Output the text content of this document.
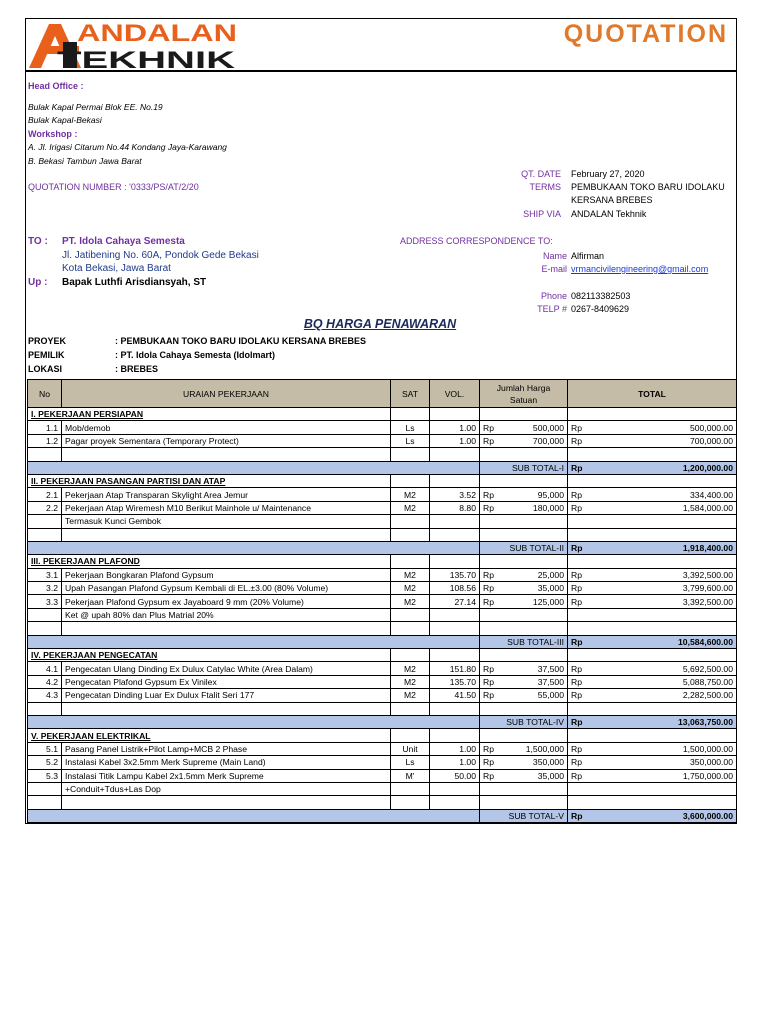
ANDALAN
TEKHNIK
QUOTATION
Head Office :
Bulak Kapal Permai Blok EE. No.19
Bulak Kapal-Bekasi
Workshop :
A. Jl. Irigasi Citarum No.44 Kondang Jaya-Karawang
B. Bekasi Tambun Jawa Barat
QUOTATION NUMBER : '0333/PS/AT/2/20
QT. DATE February 27, 2020
TERMS PEMBUKAAN TOKO BARU IDOLAKU
KERSANA BREBES
SHIP VIA ANDALAN Tekhnik
TO : PT. Idola Cahaya Semesta
Jl. Jatibening No. 60A, Pondok Gede Bekasi
Kota Bekasi, Jawa Barat
Up : Bapak Luthfi Arisdiansyah, ST
ADDRESS CORRESPONDENCE TO:
Name Alfirman
E-mail vrmancivilengineering@gmail.com
Phone 082113382503
TELP # 0267-8409629
BQ HARGA PENAWARAN
PROYEK	: PEMBUKAAN TOKO BARU IDOLAKU KERSANA BREBES
PEMILIK	: PT. Idola Cahaya Semesta (Idolmart)
LOKASI	: BREBES
No	URAIAN PEKERJAAN	SAT	VOL.	Jumlah Harga Satuan	TOTAL
I. PEKERJAAN PERSIAPAN					
1.1	Mob/demob	Ls	1.00	Rp 500,000	Rp 500,000.00

1.2	Pagar proyek Sementara (Temporary Protect)	Ls	1.00	Rp 700,000	Rp 700,000.00

				SUB TOTAL-I	Rp 1,200,000.00

II. PEKERJAAN PASANGAN PARTISI DAN ATAP					
2.1	Pekerjaan Atap Transparan Skylight Area Jemur	M2	3.52	Rp 95,000	Rp 334,400.00

2.2	Pekerjaan Atap Wiremesh M10 Berikut Mainhole u/ Maintenance	M2	8.80	Rp 180,000	Rp 1,584,000.00

	Termasuk Kunci Gembok			

				SUB TOTAL-II	Rp 1,918,400.00

III. PEKERJAAN PLAFOND					
3.1	Pekerjaan Bongkaran Plafond Gypsum	M2	135.70	Rp 25,000	Rp 3,392,500.00

3.2	Upah Pasangan Plafond Gypsum Kembali di EL.±3.00 (80% Volume)	M2	108.56	Rp 35,000	Rp 3,799,600.00

3.3	Pekerjaan Plafond Gypsum ex Jayaboard 9 mm (20% Volume)	M2	27.14	Rp 125,000	Rp 3,392,500.00

	Ket @ upah 80% dan Plus Matrial 20%			

				SUB TOTAL-III	Rp 10,584,600.00

IV. PEKERJAAN PENGECATAN					
4.1	Pengecatan Ulang Dinding Ex Dulux Catylac White (Area Dalam)	M2	151.80	Rp 37,500	Rp 5,692,500.00

4.2	Pengecatan Plafond Gypsum Ex Vinilex	M2	135.70	Rp 37,500	Rp 5,088,750.00

4.3	Pengecatan Dinding Luar Ex Dulux Ftalit Seri 177	M2	41.50	Rp 55,000	Rp 2,282,500.00

				SUB TOTAL-IV	Rp 13,063,750.00

V. PEKERJAAN ELEKTRIKAL					
5.1	Pasang Panel Listrik+Pilot Lamp+MCB 2 Phase	Unit	1.00	Rp 1,500,000	Rp 1,500,000.00

5.2	Instalasi Kabel 3x2.5mm Merk Supreme (Main Land)	Ls	1.00	Rp 350,000	Rp 350,000.00

5.3	Instalasi Titik Lampu Kabel 2x1.5mm Merk Supreme	M'	50.00	Rp 35,000	Rp 1,750,000.00

	+Conduit+Tdus+Las Dop			

				SUB TOTAL-V	Rp 3,600,000.00
